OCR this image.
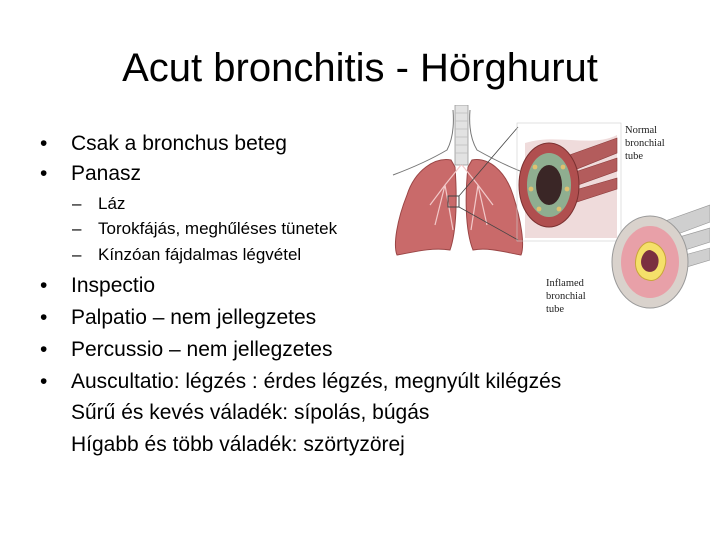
Acut bronchitis - Hörghurut
• Csak a bronchus beteg
• Panasz
– Láz
– Torokfájás, meghűléses tünetek
– Kínzóan fájdalmas légvétel
Normal
bronchial
tube
Inflamed
bronchial
tube
• Inspectio
• Palpatio – nem jellegzetes
• Percussio – nem jellegzetes
• Auscultatio: légzés : érdes légzés, megnyúlt kilégzés
Sűrű és kevés váladék: sípolás, búgás
Hígabb és több váladék: szörtyzörej
